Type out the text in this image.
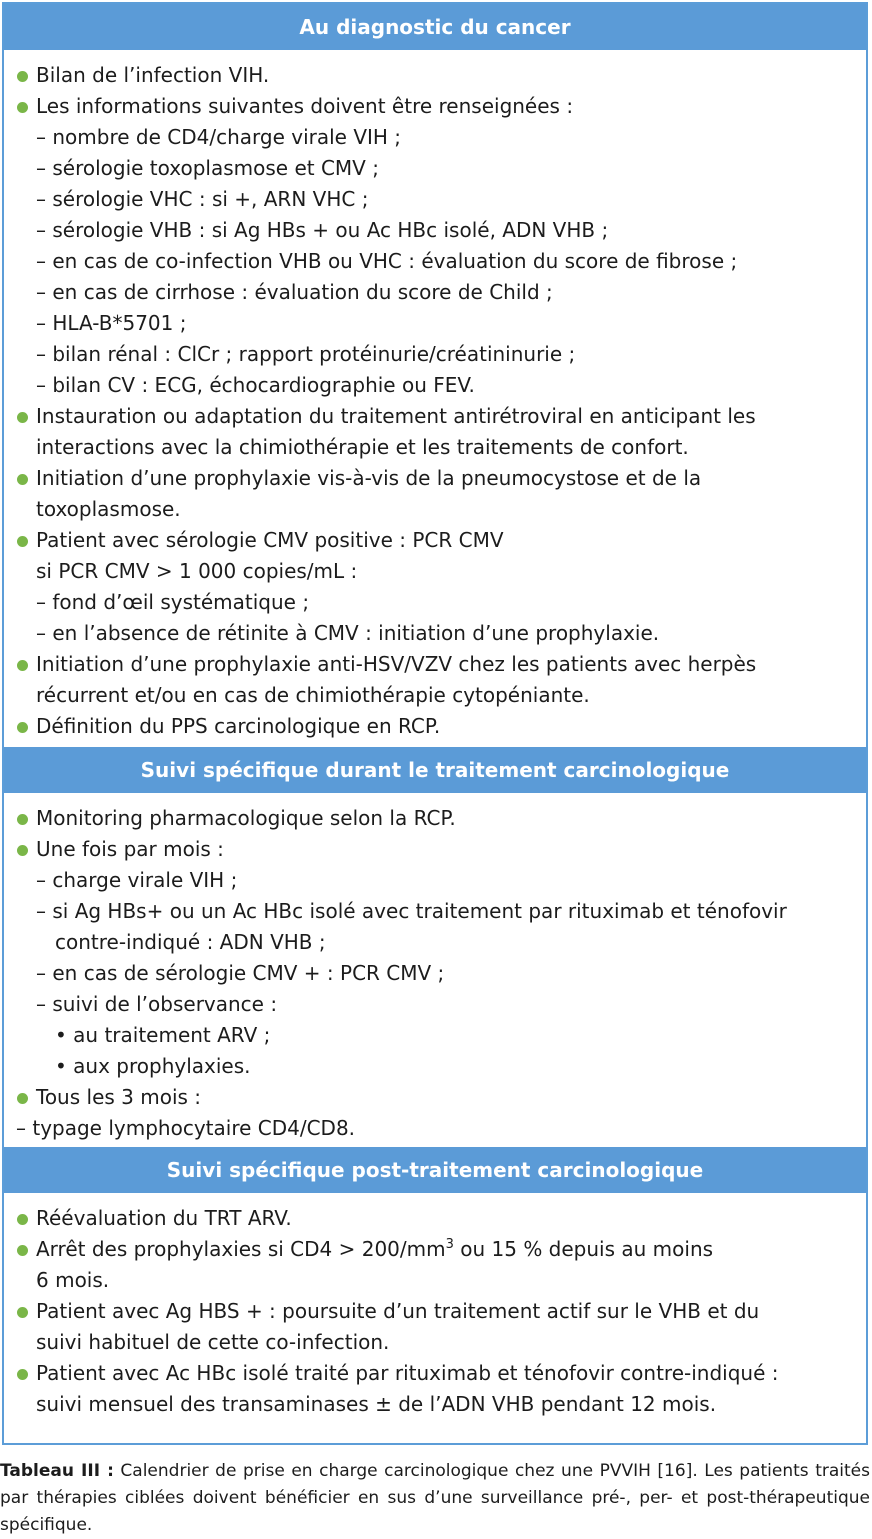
Au diagnostic du cancer
Bilan de l’infection VIH.
Les informations suivantes doivent être renseignées :
– nombre de CD4/charge virale VIH ;
– sérologie toxoplasmose et CMV ;
– sérologie VHC : si +, ARN VHC ;
– sérologie VHB : si Ag HBs + ou Ac HBc isolé, ADN VHB ;
– en cas de co-infection VHB ou VHC : évaluation du score de fibrose ;
– en cas de cirrhose : évaluation du score de Child ;
– HLA-B*5701 ;
– bilan rénal : ClCr ; rapport protéinurie/créatininurie ;
– bilan CV : ECG, échocardiographie ou FEV.
Instauration ou adaptation du traitement antirétroviral en anticipant les
interactions avec la chimiothérapie et les traitements de confort.
Initiation d’une prophylaxie vis-à-vis de la pneumocystose et de la
toxoplasmose.
Patient avec sérologie CMV positive : PCR CMV
si PCR CMV > 1 000 copies/mL :
– fond d’œil systématique ;
– en l’absence de rétinite à CMV : initiation d’une prophylaxie.
Initiation d’une prophylaxie anti-HSV/VZV chez les patients avec herpès
récurrent et/ou en cas de chimiothérapie cytopéniante.
Définition du PPS carcinologique en RCP.
Suivi spécifique durant le traitement carcinologique
Monitoring pharmacologique selon la RCP.
Une fois par mois :
– charge virale VIH ;
– si Ag HBs+ ou un Ac HBc isolé avec traitement par rituximab et ténofovir
contre-indiqué : ADN VHB ;
– en cas de sérologie CMV + : PCR CMV ;
– suivi de l’observance :
• au traitement ARV ;
• aux prophylaxies.
Tous les 3 mois :
– typage lymphocytaire CD4/CD8.
Suivi spécifique post-traitement carcinologique
Réévaluation du TRT ARV.
Arrêt des prophylaxies si $CD4 > 200/mm^3$ ou 15 % depuis au moins
6 mois.
Patient avec Ag HBS + : poursuite d’un traitement actif sur le VHB et du
suivi habituel de cette co-infection.
Patient avec Ac HBc isolé traité par rituximab et ténofovir contre-indiqué :
suivi mensuel des transaminases ± de l’ADN VHB pendant 12 mois.
Tableau III : Calendrier de prise en charge carcinologique chez une PVVIH [16]. Les patients traités par thérapies ciblées doivent bénéficier en sus d’une surveillance pré-, per- et post-thérapeutique spécifique.
